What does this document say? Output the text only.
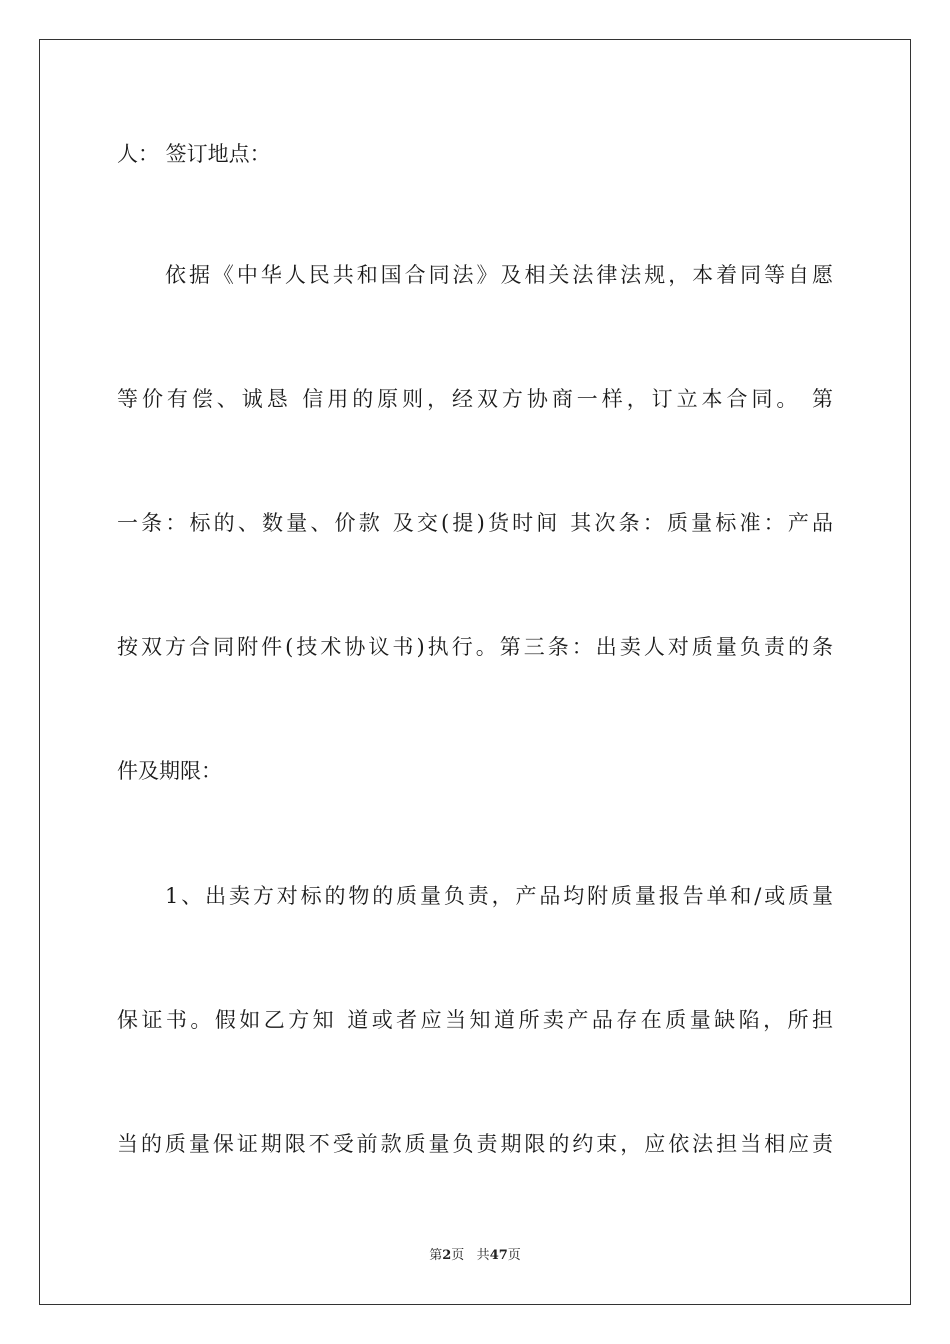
人： 签订地点：
依据《中华人民共和国合同法》及相关法律法规，本着同等自愿
等价有偿、诚恳 信用的原则，经双方协商一样，订立本合同。 第
一条：标的、数量、价款 及交(提)货时间 其次条：质量标准：产品
按双方合同附件(技术协议书)执行。第三条：出卖人对质量负责的条
件及期限：
1、出卖方对标的物的质量负责，产品均附质量报告单和/或质量
保证书。假如乙方知 道或者应当知道所卖产品存在质量缺陷，所担
当的质量保证期限不受前款质量负责期限的约束，应依法担当相应责
第2页 共47页
